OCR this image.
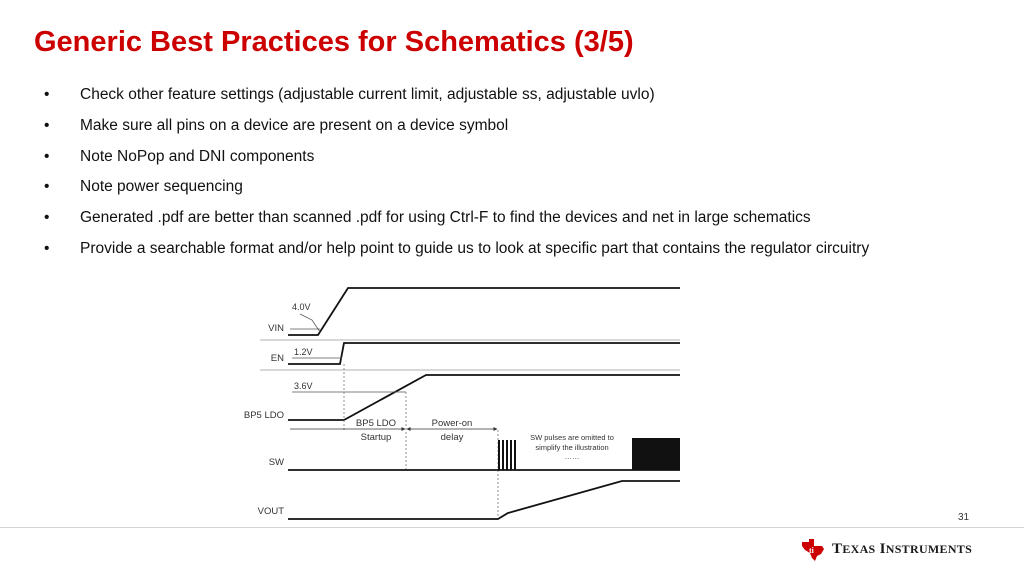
Generic Best Practices for Schematics (3/5)
•	Check other feature settings (adjustable current limit, adjustable ss, adjustable uvlo)
•	Make sure all pins on a device are present on a device symbol
•	Note NoPop and DNI components
•	Note power sequencing
•	Generated .pdf are better than scanned .pdf for using Ctrl-F to find the devices and net in large schematics
•	Provide a searchable format and/or help point to guide us to look at specific part that contains the regulator circuitry
VIN
EN
BP5 LDO
SW
VOUT
4.0V
1.2V
3.6V
BP5 LDO
Startup
Power-on
delay	SW pulses are omitted to
simplify the illustration
……
31
ti TEXAS INSTRUMENTS
